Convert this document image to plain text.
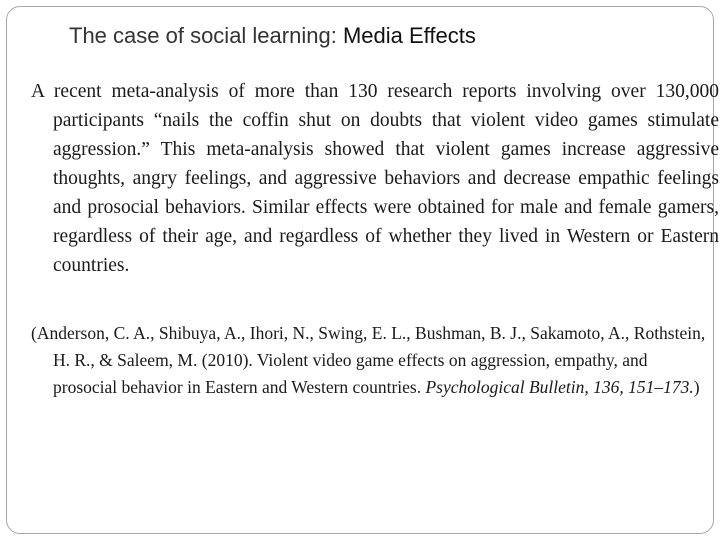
The case of social learning: Media Effects

A recent meta-analysis of more than 130 research reports involving over 130,000 participants “nails the coffin shut on doubts that violent video games stimulate aggression.” This meta-analysis showed that violent games increase aggressive thoughts, angry feelings, and aggressive behaviors and decrease empathic feelings and prosocial behaviors. Similar effects were obtained for male and female gamers, regardless of their age, and regardless of whether they lived in Western or Eastern countries.

(Anderson, C. A., Shibuya, A., Ihori, N., Swing, E. L., Bushman, B. J., Sakamoto, A., Rothstein, H. R., & Saleem, M. (2010). Violent video game effects on aggression, empathy, and prosocial behavior in Eastern and Western countries. Psychological Bulletin, 136, 151–173.)
